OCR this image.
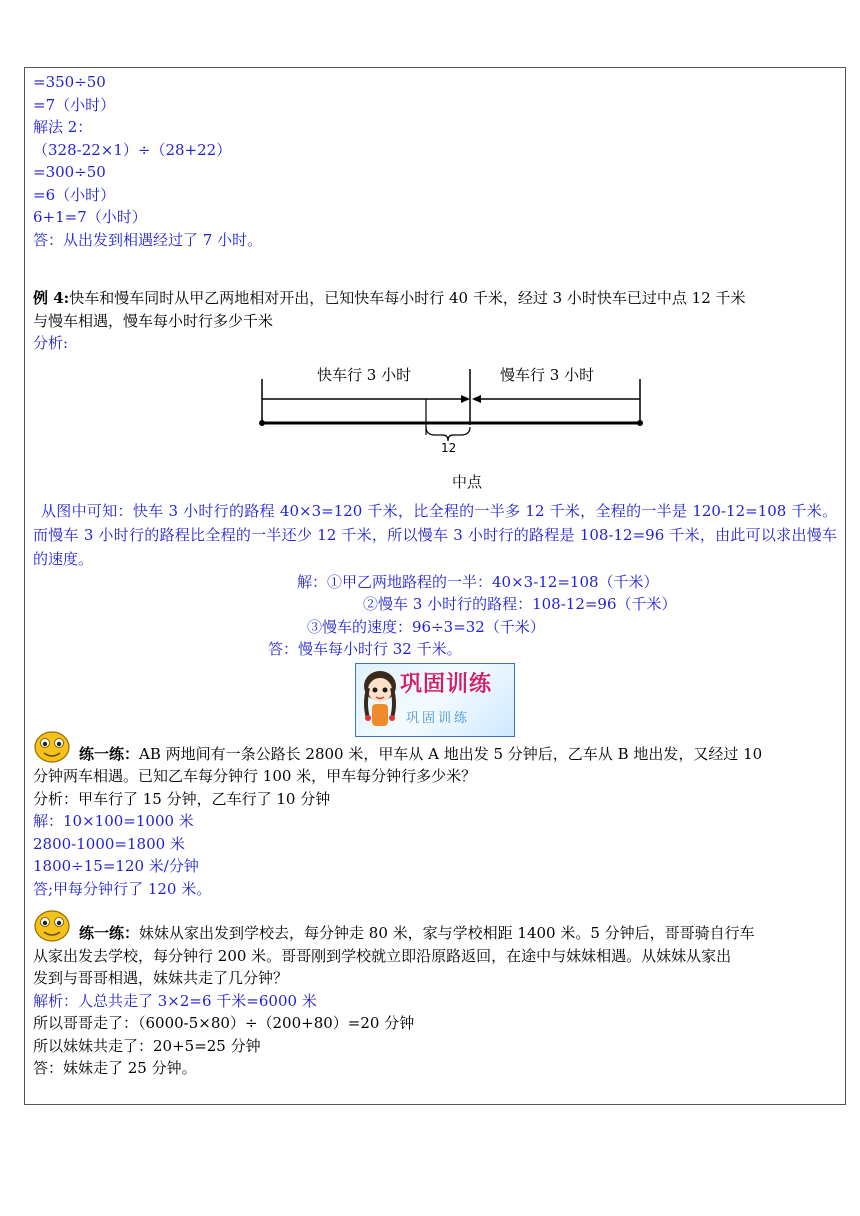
=350÷50

=7（小时）

解法 2：

（328-22×1）÷（28+22）

=300÷50

=6（小时）

6+1=7（小时）

答：从出发到相遇经过了 7 小时。

例 4:快车和慢车同时从甲乙两地相对开出，已知快车每小时行 40 千米，经过 3 小时快车已过中点 12 千米

与慢车相遇，慢车每小时行多少千米

分析:

快车行 3 小时	慢车行 3 小时
12
中点

从图中可知：快车 3 小时行的路程 40×3=120 千米，比全程的一半多 12 千米，全程的一半是 120-12=108 千米。而慢车 3 小时行的路程比全程的一半还少 12 千米，所以慢车 3 小时行的路程是 108-12=96 千米，由此可以求出慢车的速度。

解：①甲乙两地路程的一半：40×3-12=108（千米）

②慢车 3 小时行的路程：108-12=96（千米）

③慢车的速度：96÷3=32（千米）

答：慢车每小时行 32 千米。

巩固训练
巩固训练

练一练：AB 两地间有一条公路长 2800 米，甲车从 A 地出发 5 分钟后，乙车从 B 地出发，又经过 10

分钟两车相遇。已知乙车每分钟行 100 米，甲车每分钟行多少米？

分析：甲车行了 15 分钟，乙车行了 10 分钟

解：10×100=1000 米

2800-1000=1800 米

1800÷15=120 米/分钟

答;甲每分钟行了 120 米。

练一练：妹妹从家出发到学校去，每分钟走 80 米，家与学校相距 1400 米。5 分钟后，哥哥骑自行车

从家出发去学校，每分钟行 200 米。哥哥刚到学校就立即沿原路返回，在途中与妹妹相遇。从妹妹从家出

发到与哥哥相遇，妹妹共走了几分钟？

解析：人总共走了 3×2=6 千米=6000 米

所以哥哥走了：（6000-5×80）÷（200+80）=20 分钟

所以妹妹共走了：20+5=25 分钟

答：妹妹走了 25 分钟。
